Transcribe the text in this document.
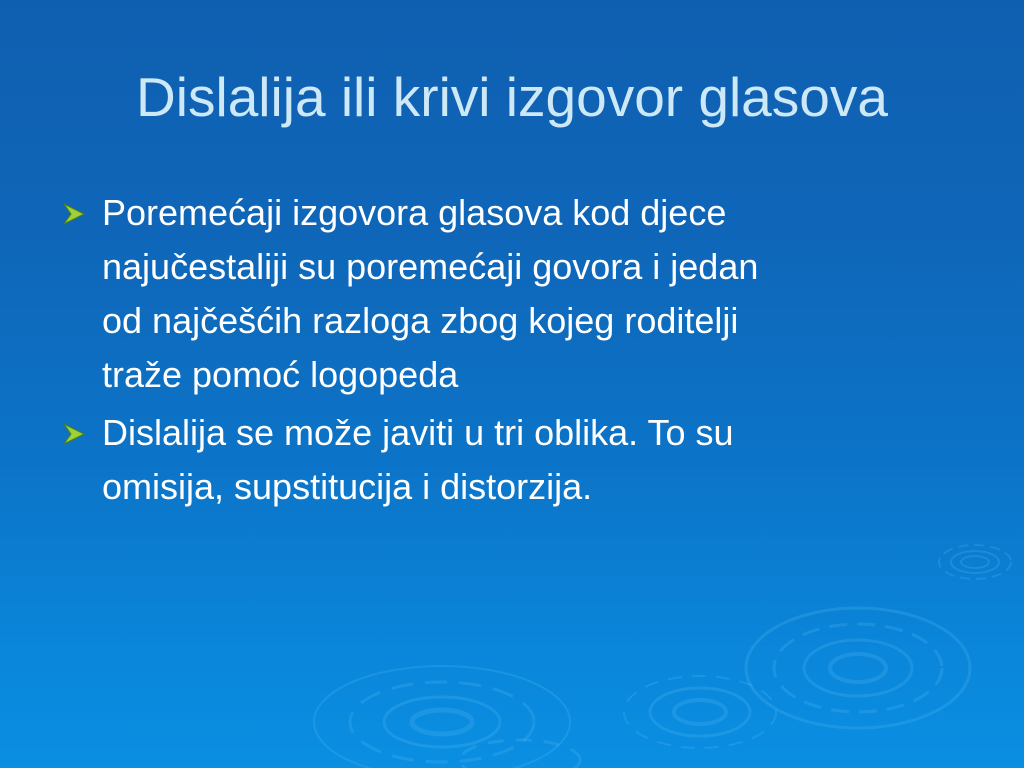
Dislalija ili krivi izgovor glasova
Poremećaji izgovora glasova kod djece
najučestaliji su poremećaji govora i jedan
od najčešćih razloga zbog kojeg roditelji
traže pomoć logopeda
Dislalija se može javiti u tri oblika. To su
omisija, supstitucija i distorzija.
